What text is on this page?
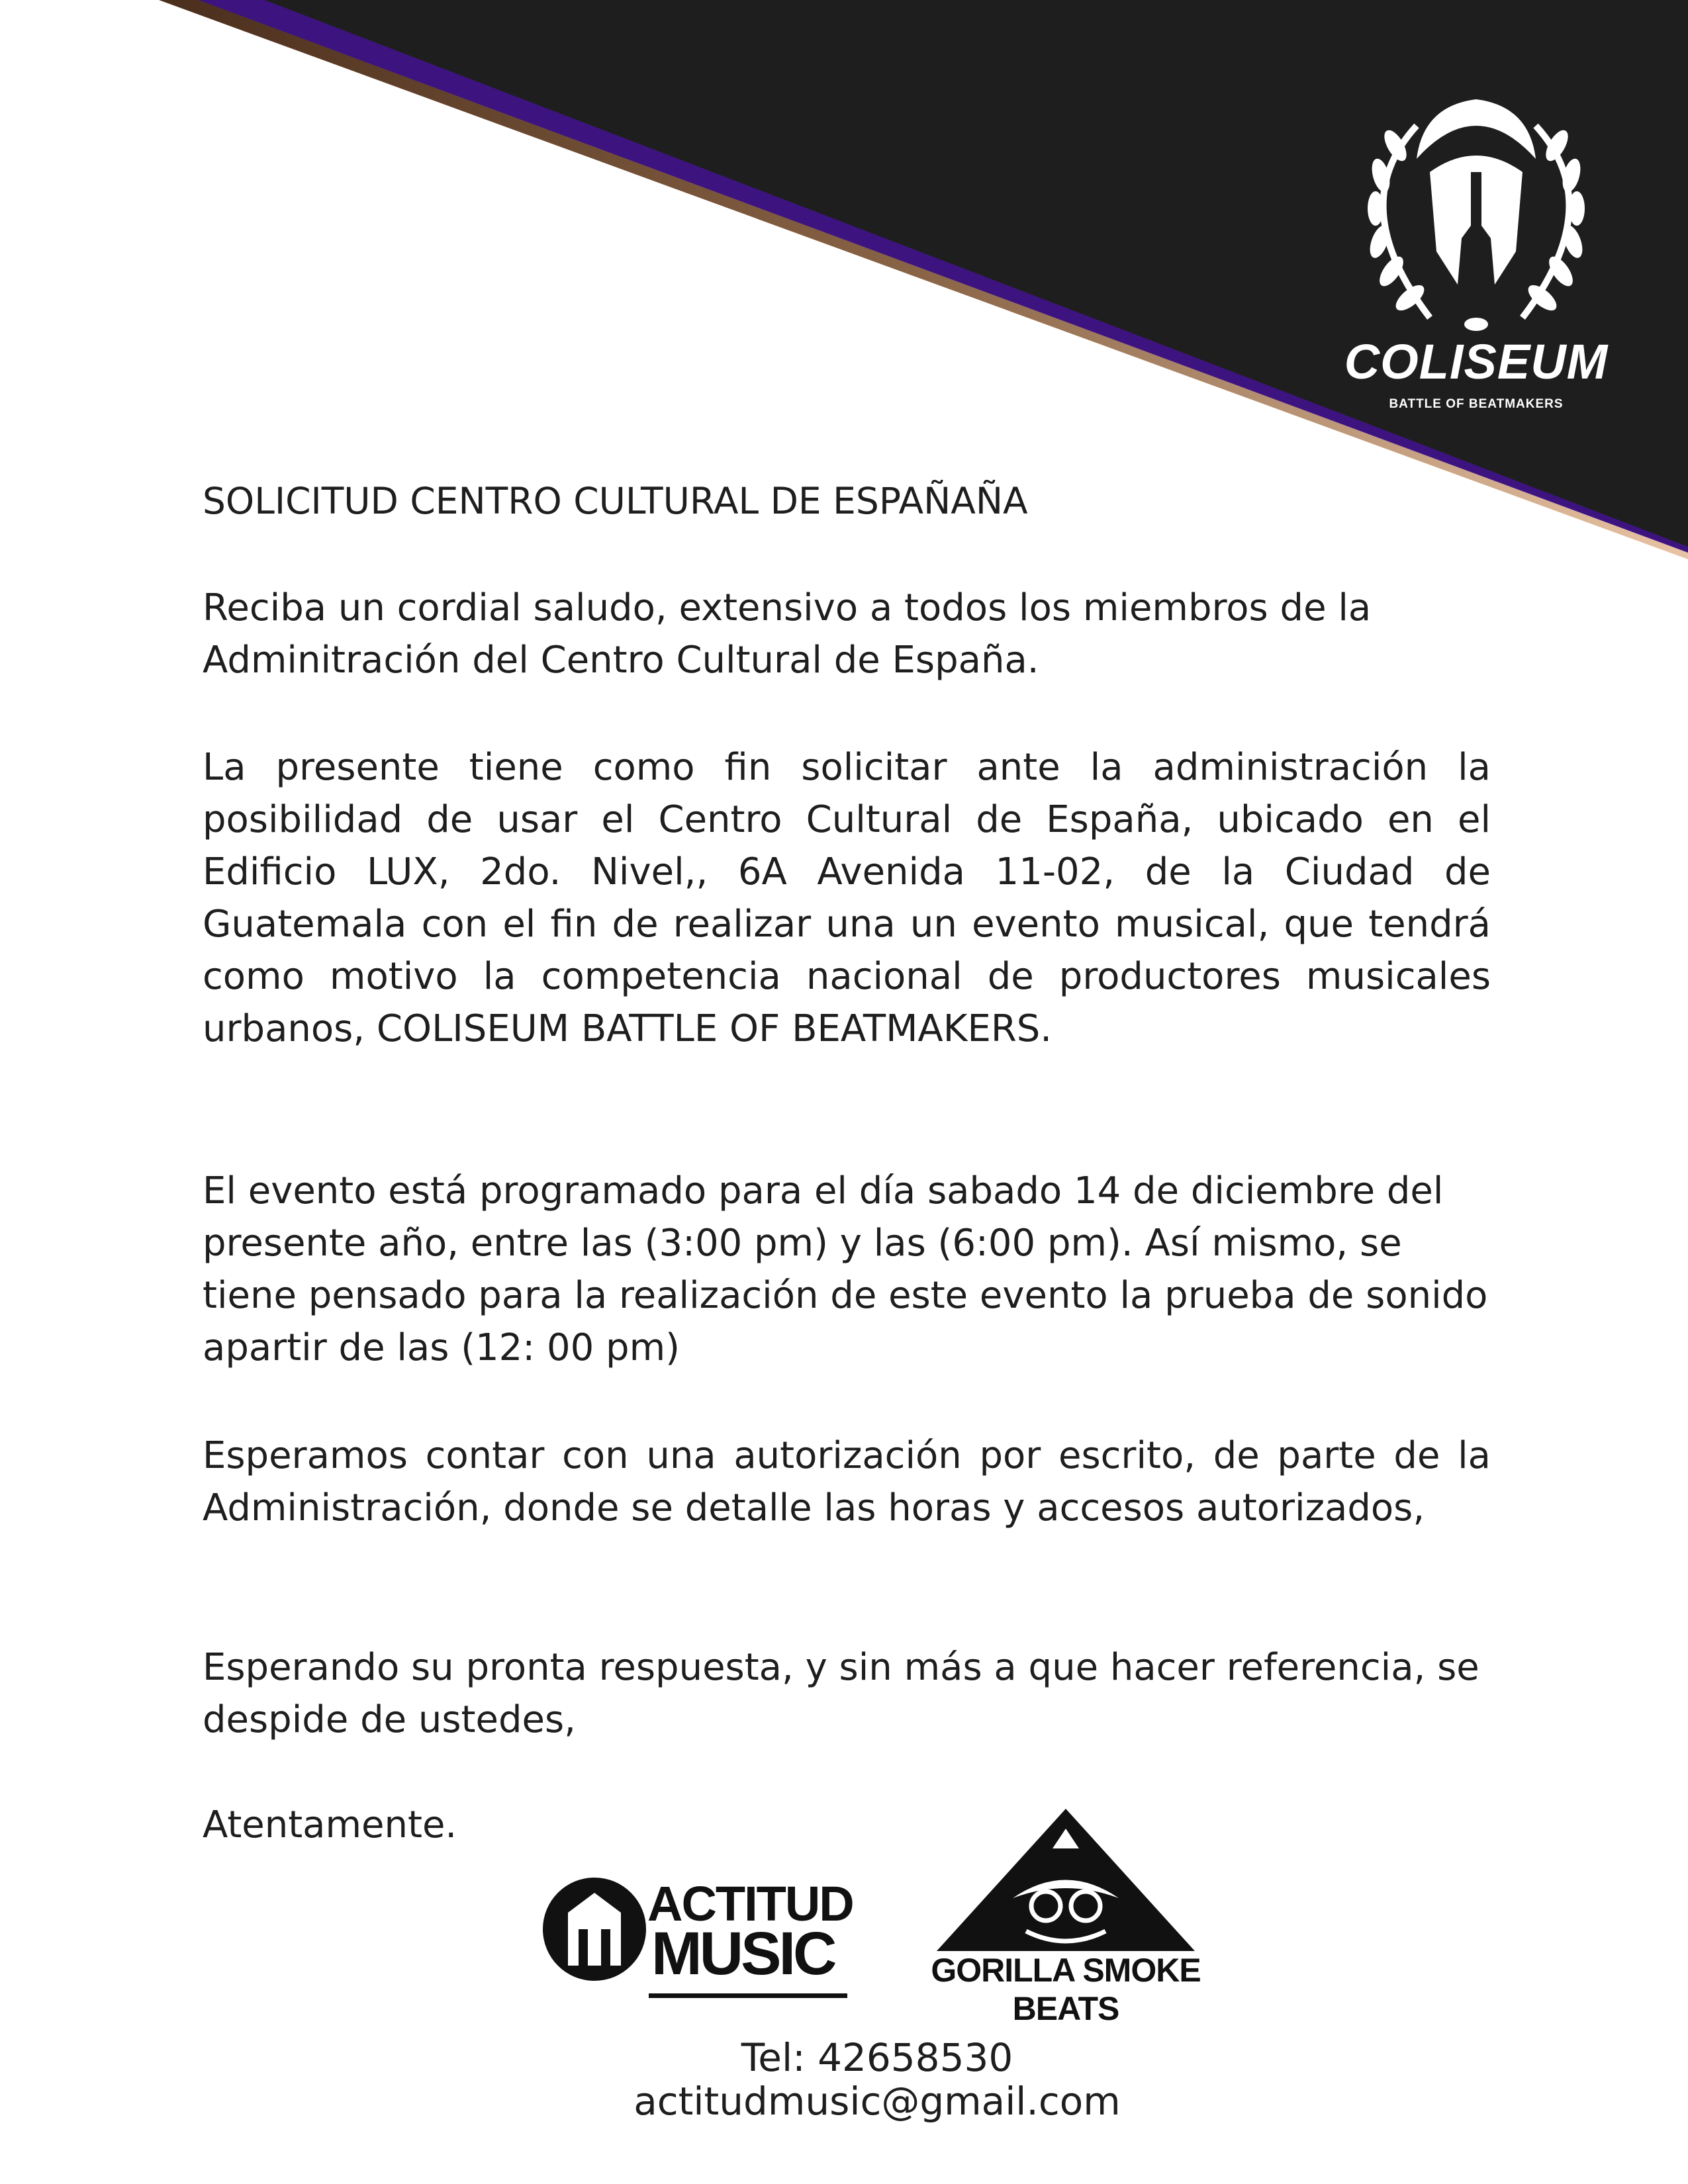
COLISEUM
BATTLE OF BEATMAKERS
SOLICITUD CENTRO CULTURAL DE ESPAÑAÑA
Reciba un cordial saludo, extensivo a todos los miembros de la Adminitración del Centro Cultural de España.
La presente tiene como fin solicitar ante la administración la posibilidad de usar el Centro Cultural de España, ubicado en el Edificio LUX, 2do. Nivel,, 6A Avenida 11-02, de la Ciudad de Guatemala con el fin de realizar una un evento musical, que tendrá como motivo la competencia nacional de productores musicales urbanos, COLISEUM BATTLE OF BEATMAKERS.
El evento está programado para el día sabado 14 de diciembre del presente año, entre las (3:00 pm) y las (6:00 pm). Así mismo, se tiene pensado para la realización de este evento la prueba de sonido apartir de las (12: 00 pm)
Esperamos contar con una autorización por escrito, de parte de la Administración, donde se detalle las horas y accesos autorizados,
Esperando su pronta respuesta, y sin más a que hacer referencia, se despide de ustedes,
Atentamente.
ACTITUD
MUSIC	GORILLA SMOKE BEATS
Tel: 42658530
actitudmusic@gmail.com
